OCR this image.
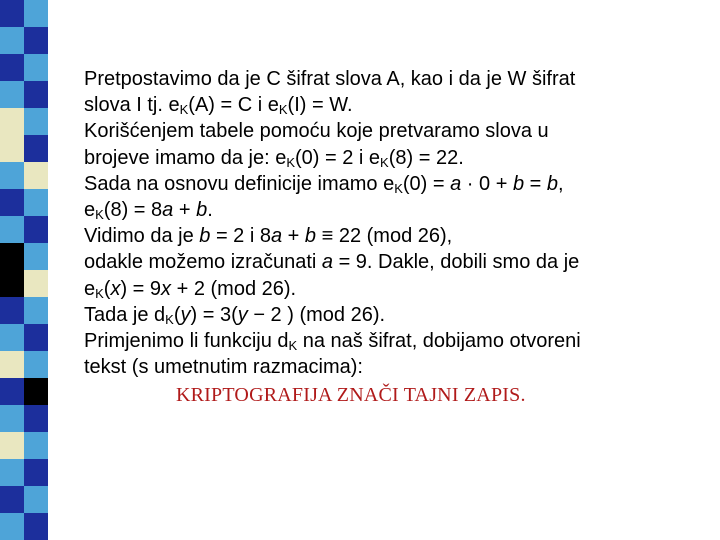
Pretpostavimo da je C šifrat slova A, kao i da je W šifrat
slova I tj. $e_K(A) = C$ i $e_K(I) = W$.
Korišćenjem tabele pomoću koje pretvaramo slova u
brojeve imamo da je: $e_K(0) = 2$ i $e_K(8) = 22$.
Sada na osnovu definicije imamo $e_K(0) = a \cdot 0 + b = b$,
$e_K(8) = 8a + b$.
Vidimo da je b = 2 i 8a + b ≡ 22 (mod 26),
odakle možemo izračunati a = 9. Dakle, dobili smo da je
$e_K(x) = 9x + 2$ (mod 26).
Tada je $d_K(y) = 3(y - 2$ ) (mod 26).
Primjenimo li funkciju $d_K$ na naš šifrat, dobijamo otvoreni
tekst (s umetnutim razmacima):
KRIPTOGRAFIJA ZNAČI TAJNI ZAPIS.
